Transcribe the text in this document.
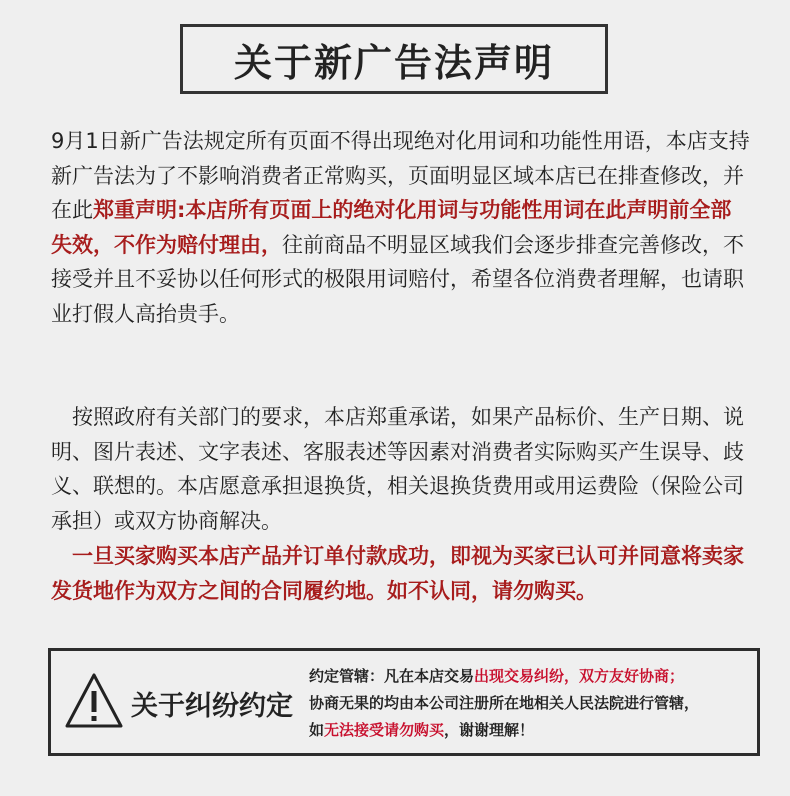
关于新广告法声明

9月1日新广告法规定所有页面不得出现绝对化用词和功能性用语，本店支持新广告法为了不影响消费者正常购买，页面明显区域本店已在排查修改，并在此郑重声明:本店所有页面上的绝对化用词与功能性用词在此声明前全部失效，不作为赔付理由，往前商品不明显区域我们会逐步排查完善修改，不接受并且不妥协以任何形式的极限用词赔付，希望各位消费者理解，也请职业打假人高抬贵手。

　按照政府有关部门的要求，本店郑重承诺，如果产品标价、生产日期、说明、图片表述、文字表述、客服表述等因素对消费者实际购买产生误导、歧义、联想的。本店愿意承担退换货，相关退换货费用或用运费险（保险公司承担）或双方协商解决。

　一旦买家购买本店产品并订单付款成功，即视为买家已认可并同意将卖家发货地作为双方之间的合同履约地。如不认同，请勿购买。

关于纠纷约定
约定管辖：凡在本店交易出现交易纠纷，双方友好协商；
协商无果的均由本公司注册所在地相关人民法院进行管辖，
如无法接受请勿购买，谢谢理解！
